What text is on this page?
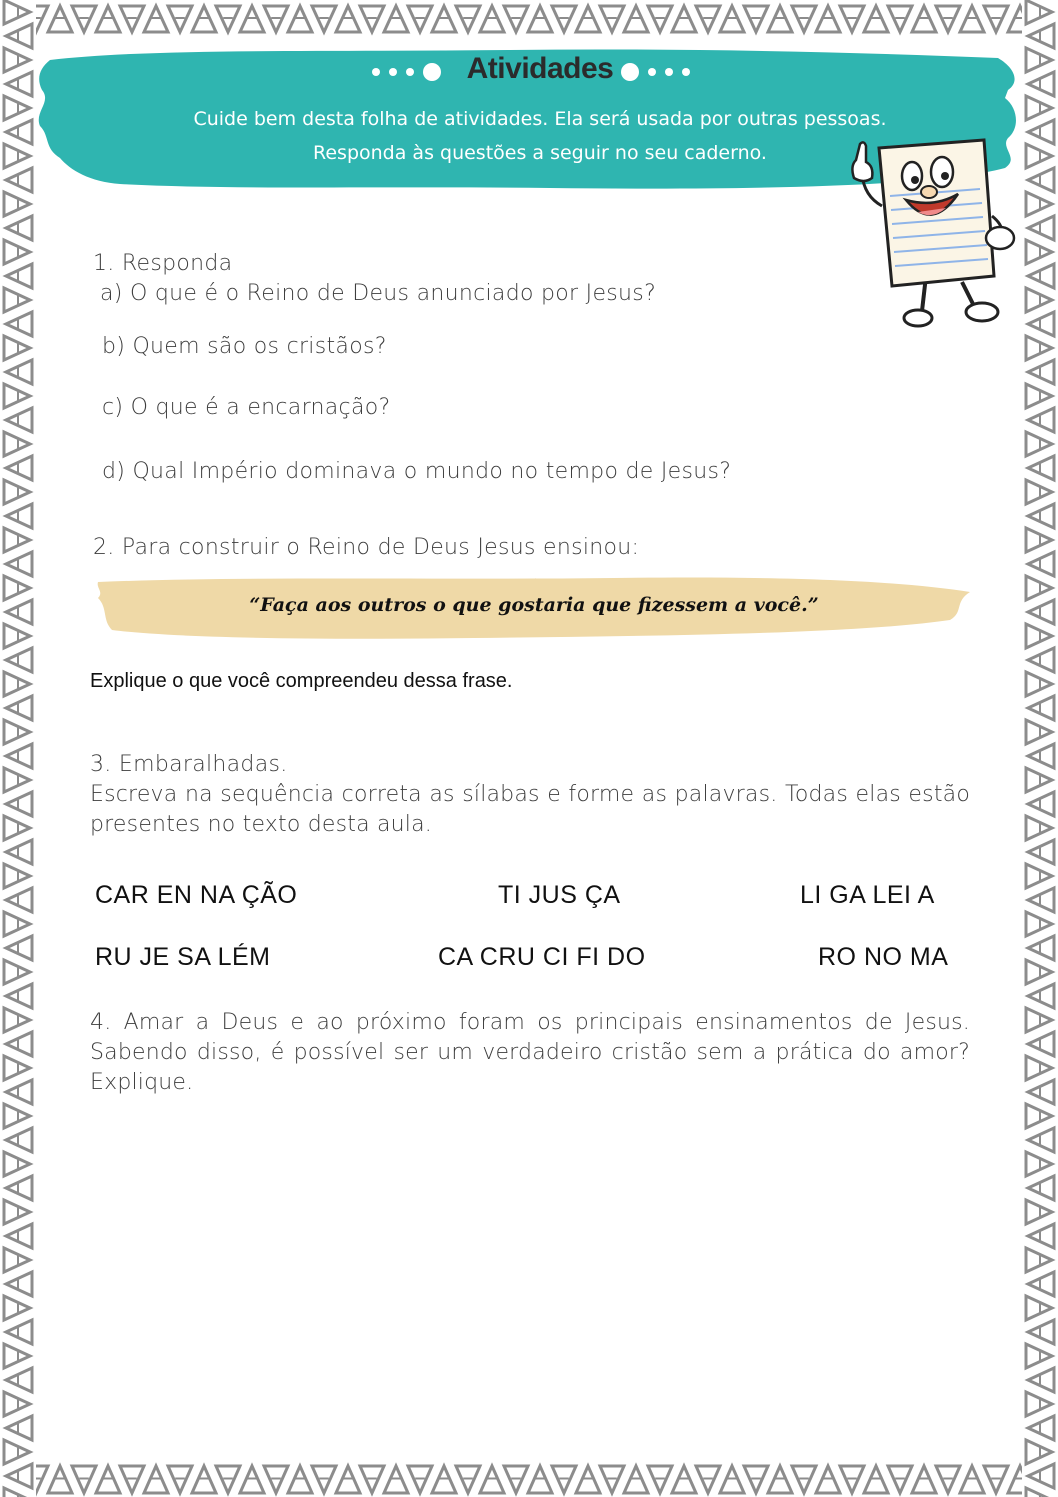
Atividades
Cuide bem desta folha de atividades. Ela será usada por outras pessoas.
Responda às questões a seguir no seu caderno.
1. Responda
a) O que é o Reino de Deus anunciado por Jesus?
b) Quem são os cristãos?
c) O que é a encarnação?
d) Qual Império dominava o mundo no tempo de Jesus?
2. Para construir o Reino de Deus Jesus ensinou:
“Faça aos outros o que gostaria que fizessem a você.”
Explique o que você compreendeu dessa frase.
3. Embaralhadas.
Escreva na sequência correta as sílabas e forme as palavras. Todas elas estão presentes no texto desta aula.
CAR EN NA ÇÃO	TI JUS ÇA	LI GA LEI A
RU JE SA LÉM	CA CRU CI FI DO	RO NO MA
4. Amar a Deus e ao próximo foram os principais ensinamentos de Jesus. Sabendo disso, é possível ser um verdadeiro cristão sem a prática do amor? Explique.
